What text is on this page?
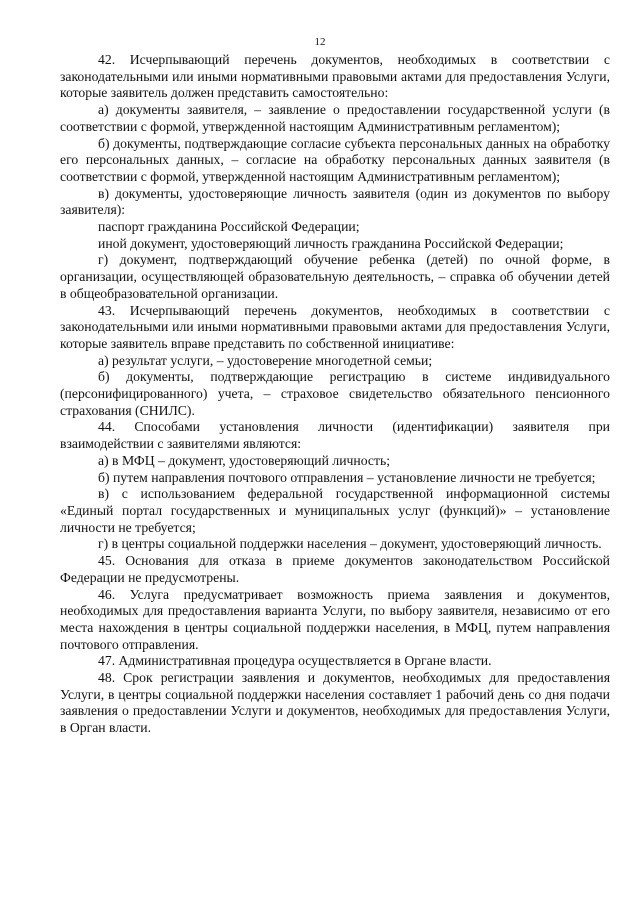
12

42. Исчерпывающий перечень документов, необходимых в соответствии с законодательными или иными нормативными правовыми актами для предоставления Услуги, которые заявитель должен представить самостоятельно:

а) документы заявителя, – заявление о предоставлении государственной услуги (в соответствии с формой, утвержденной настоящим Административным регламентом);

б) документы, подтверждающие согласие субъекта персональных данных на обработку его персональных данных, – согласие на обработку персональных данных заявителя (в соответствии с формой, утвержденной настоящим Административным регламентом);

в) документы, удостоверяющие личность заявителя (один из документов по выбору заявителя):

паспорт гражданина Российской Федерации;

иной документ, удостоверяющий личность гражданина Российской Федерации;

г) документ, подтверждающий обучение ребенка (детей) по очной форме, в организации, осуществляющей образовательную деятельность, – справка об обучении детей в общеобразовательной организации.

43. Исчерпывающий перечень документов, необходимых в соответствии с законодательными или иными нормативными правовыми актами для предоставления Услуги, которые заявитель вправе представить по собственной инициативе:

а) результат услуги, – удостоверение многодетной семьи;

б) документы, подтверждающие регистрацию в системе индивидуального (персонифицированного) учета, – страховое свидетельство обязательного пенсионного страхования (СНИЛС).

44. Способами установления личности (идентификации) заявителя при взаимодействии с заявителями являются:

а) в МФЦ – документ, удостоверяющий личность;

б) путем направления почтового отправления – установление личности не требуется;

в) с использованием федеральной государственной информационной системы «Единый портал государственных и муниципальных услуг (функций)» – установление личности не требуется;

г) в центры социальной поддержки населения – документ, удостоверяющий личность.

45. Основания для отказа в приеме документов законодательством Российской Федерации не предусмотрены.

46. Услуга предусматривает возможность приема заявления и документов, необходимых для предоставления варианта Услуги, по выбору заявителя, независимо от его места нахождения в центры социальной поддержки населения, в МФЦ, путем направления почтового отправления.

47. Административная процедура осуществляется в Органе власти.

48. Срок регистрации заявления и документов, необходимых для предоставления Услуги, в центры социальной поддержки населения составляет 1 рабочий день со дня подачи заявления о предоставлении Услуги и документов, необходимых для предоставления Услуги, в Орган власти.
